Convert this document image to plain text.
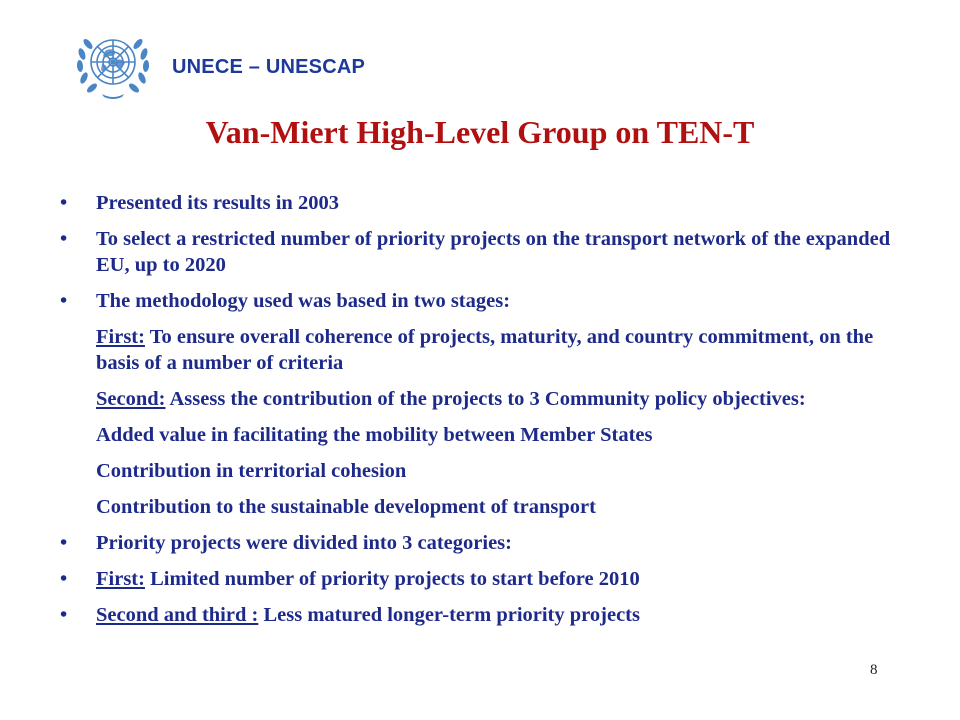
UNECE – UNESCAP
Van-Miert High-Level Group on TEN-T
•	Presented its results in 2003
•	To select a restricted number of priority projects on the transport network of the expanded EU, up to 2020
•	The methodology used was based in two stages:
First: To ensure overall coherence of projects, maturity, and country commitment, on the basis of a number of criteria
Second: Assess the contribution of the projects to 3 Community policy objectives:
Added value in facilitating the mobility between Member States
Contribution in territorial cohesion
Contribution to the sustainable development of transport
•	Priority projects were divided into 3 categories:
•	First: Limited number of priority projects to start before 2010
•	Second and third : Less matured longer-term priority projects
8
